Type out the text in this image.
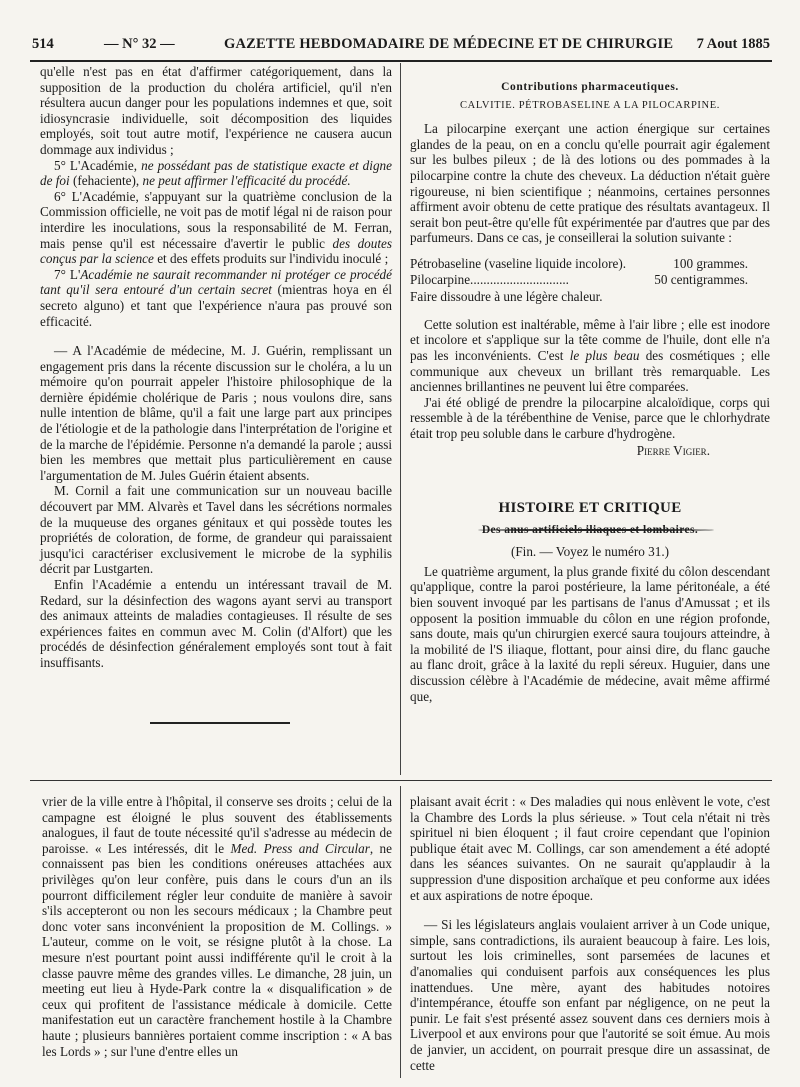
514	— N° 32 —	GAZETTE HEBDOMADAIRE DE MÉDECINE ET DE CHIRURGIE 7 Aout 1885

qu'elle n'est pas en état d'affirmer catégoriquement, dans la supposition de la production du choléra artificiel, qu'il n'en résultera aucun danger pour les populations indemnes et que, soit idiosyncrasie individuelle, soit décomposition des liquides employés, soit tout autre motif, l'expérience ne causera aucun dommage aux individus ;

5° L'Académie, ne possédant pas de statistique exacte et digne de foi (fehaciente), ne peut affirmer l'efficacité du procédé.

6° L'Académie, s'appuyant sur la quatrième conclusion de la Commission officielle, ne voit pas de motif légal ni de raison pour interdire les inoculations, sous la responsabilité de M. Ferran, mais pense qu'il est nécessaire d'avertir le public des doutes conçus par la science et des effets produits sur l'individu inoculé ;

7° L'Académie ne saurait recommander ni protéger ce procédé tant qu'il sera entouré d'un certain secret (mientras hoya en él secreto alguno) et tant que l'expérience n'aura pas prouvé son efficacité.

— A l'Académie de médecine, M. J. Guérin, remplissant un engagement pris dans la récente discussion sur le choléra, a lu un mémoire qu'on pourrait appeler l'histoire philosophique de la dernière épidémie cholérique de Paris ; nous voulons dire, sans nulle intention de blâme, qu'il a fait une large part aux principes de l'étiologie et de la pathologie dans l'interprétation de l'origine et de la marche de l'épidémie. Personne n'a demandé la parole ; aussi bien les membres que mettait plus particulièrement en cause l'argumentation de M. Jules Guérin étaient absents.

M. Cornil a fait une communication sur un nouveau bacille découvert par MM. Alvarès et Tavel dans les sécrétions normales de la muqueuse des organes génitaux et qui possède toutes les propriétés de coloration, de forme, de grandeur qui paraissaient jusqu'ici caractériser exclusivement le microbe de la syphilis décrit par Lustgarten.

Enfin l'Académie a entendu un intéressant travail de M. Redard, sur la désinfection des wagons ayant servi au transport des animaux atteints de maladies contagieuses. Il résulte de ses expériences faites en commun avec M. Colin (d'Alfort) que les procédés de désinfection généralement employés sont tout à fait insuffisants.

Contributions pharmaceutiques.
CALVITIE. PÉTROBASELINE A LA PILOCARPINE.

La pilocarpine exerçant une action énergique sur certaines glandes de la peau, on en a conclu qu'elle pourrait agir également sur les bulbes pileux ; de là des lotions ou des pommades à la pilocarpine contre la chute des cheveux. La déduction n'était guère rigoureuse, ni bien scientifique ; néanmoins, certaines personnes affirment avoir obtenu de cette pratique des résultats avantageux. Il serait bon peut-être qu'elle fût expérimentée par d'autres que par des parfumeurs. Dans ce cas, je conseillerai la solution suivante :

Pétrobaseline (vaseline liquide incolore).	100 grammes.
Pilocarpine..............................	50 centigrammes.
Faire dissoudre à une légère chaleur.

Cette solution est inaltérable, même à l'air libre ; elle est inodore et incolore et s'applique sur la tête comme de l'huile, dont elle n'a pas les inconvénients. C'est le plus beau des cosmétiques ; elle communique aux cheveux un brillant très remarquable. Les anciennes brillantines ne peuvent lui être comparées.

J'ai été obligé de prendre la pilocarpine alcaloïdique, corps qui ressemble à de la térébenthine de Venise, parce que le chlorhydrate était trop peu soluble dans le carbure d'hydrogène.

Pierre Vigier.
HISTOIRE ET CRITIQUE
(Fin. — Voyez le numéro 31.)

Le quatrième argument, la plus grande fixité du côlon descendant qu'applique, contre la paroi postérieure, la lame péritonéale, a été bien souvent invoqué par les partisans de l'anus d'Amussat ; et ils opposent la position immuable du côlon en une région profonde, sans doute, mais qu'un chirurgien exercé saura toujours atteindre, à la mobilité de l'S iliaque, flottant, pour ainsi dire, du flanc gauche au flanc droit, grâce à la laxité du repli séreux. Huguier, dans une discussion célèbre à l'Académie de médecine, avait même affirmé que,

vrier de la ville entre à l'hôpital, il conserve ses droits ; celui de la campagne est éloigné le plus souvent des établissements analogues, il faut de toute nécessité qu'il s'adresse au médecin de paroisse. « Les intéressés, dit le Med. Press and Circular, ne connaissent pas bien les conditions onéreuses attachées aux privilèges qu'on leur confère, puis dans le cours d'un an ils pourront difficilement régler leur conduite de manière à savoir s'ils accepteront ou non les secours médicaux ; la Chambre peut donc voter sans inconvénient la proposition de M. Collings. » L'auteur, comme on le voit, se résigne plutôt à la chose. La mesure n'est pourtant point aussi indifférente qu'il le croit à la classe pauvre même des grandes villes. Le dimanche, 28 juin, un meeting eut lieu à Hyde-Park contre la « disqualification » de ceux qui profitent de l'assistance médicale à domicile. Cette manifestation eut un caractère franchement hostile à la Chambre haute ; plusieurs bannières portaient comme inscription : « A bas les Lords » ; sur l'une d'entre elles un

plaisant avait écrit : « Des maladies qui nous enlèvent le vote, c'est la Chambre des Lords la plus sérieuse. » Tout cela n'était ni très spirituel ni bien éloquent ; il faut croire cependant que l'opinion publique était avec M. Collings, car son amendement a été adopté dans les séances suivantes. On ne saurait qu'applaudir à la suppression d'une disposition archaïque et peu conforme aux idées et aux aspirations de notre époque.

— Si les législateurs anglais voulaient arriver à un Code unique, simple, sans contradictions, ils auraient beaucoup à faire. Les lois, surtout les lois criminelles, sont parsemées de lacunes et d'anomalies qui conduisent parfois aux conséquences les plus inattendues. Une mère, ayant des habitudes notoires d'intempérance, étouffe son enfant par négligence, on ne peut la punir. Le fait s'est présenté assez souvent dans ces derniers mois à Liverpool et aux environs pour que l'autorité se soit émue. Au mois de janvier, un accident, on pourrait presque dire un assassinat, de cette
